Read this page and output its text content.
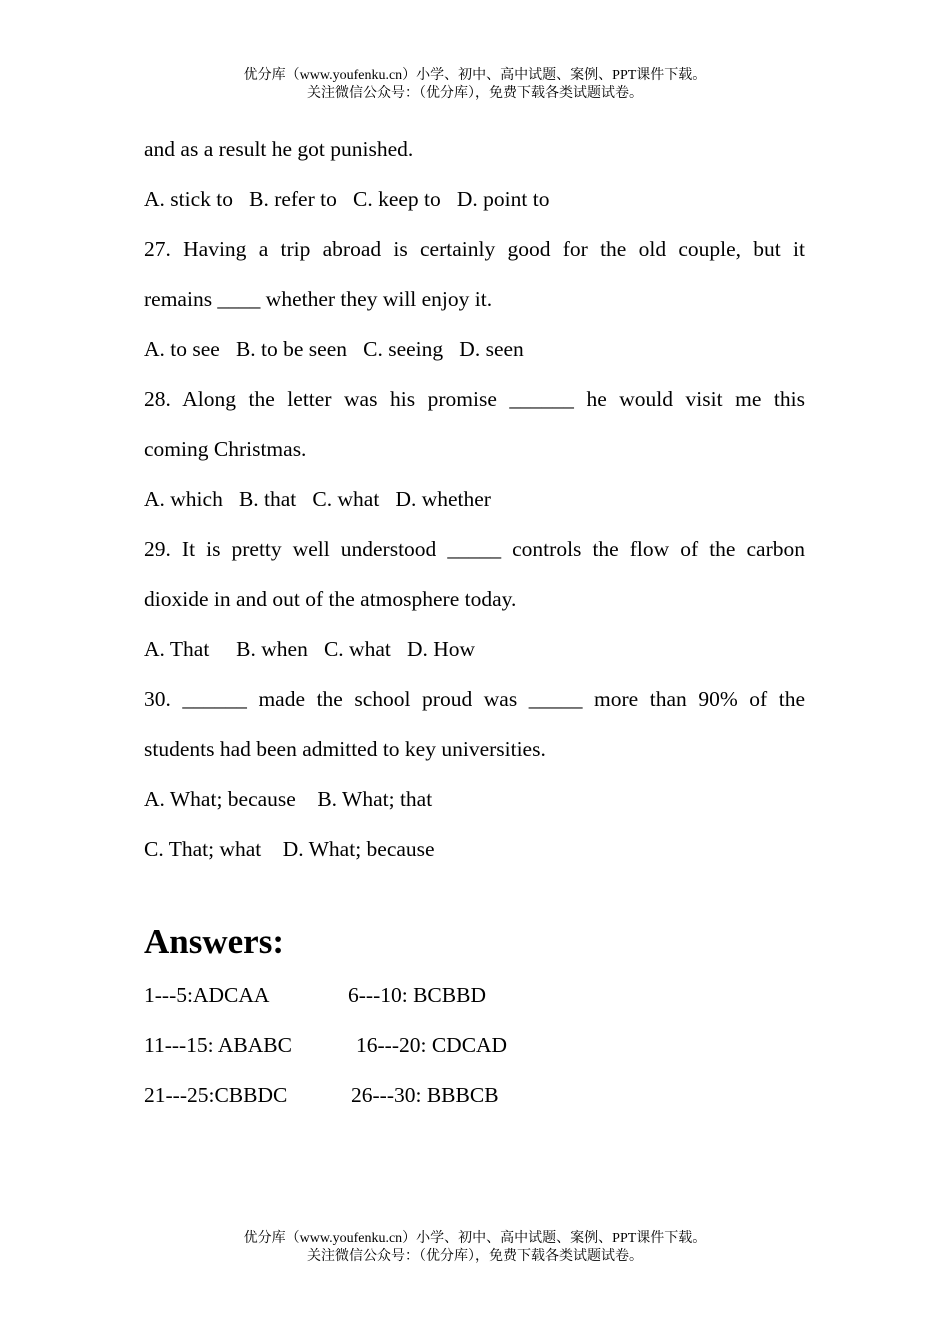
优分库（www.youfenku.cn）小学、初中、高中试题、案例、PPT课件下载。
关注微信公众号：（优分库），免费下载各类试题试卷。
and as a result he got punished.
A. stick to B. refer to C. keep to D. point to
27. Having a trip abroad is certainly good for the old couple, but it
remains ____ whether they will enjoy it.
A. to see B. to be seen C. seeing D. seen
28. Along the letter was his promise ______ he would visit me this
coming Christmas.
A. which B. that C. what D. whether
29. It is pretty well understood _____ controls the flow of the carbon
dioxide in and out of the atmosphere today.
A. That B. when C. what D. How
30. ______ made the school proud was _____ more than 90% of the
students had been admitted to key universities.
A. What; because B. What; that
C. That; what D. What; because
Answers:
1---5:ADCAA	6---10: BCBBD
11---15: ABABC	16---20: CDCAD
21---25:CBBDC	26---30: BBBCB
优分库（www.youfenku.cn）小学、初中、高中试题、案例、PPT课件下载。
关注微信公众号：（优分库），免费下载各类试题试卷。
